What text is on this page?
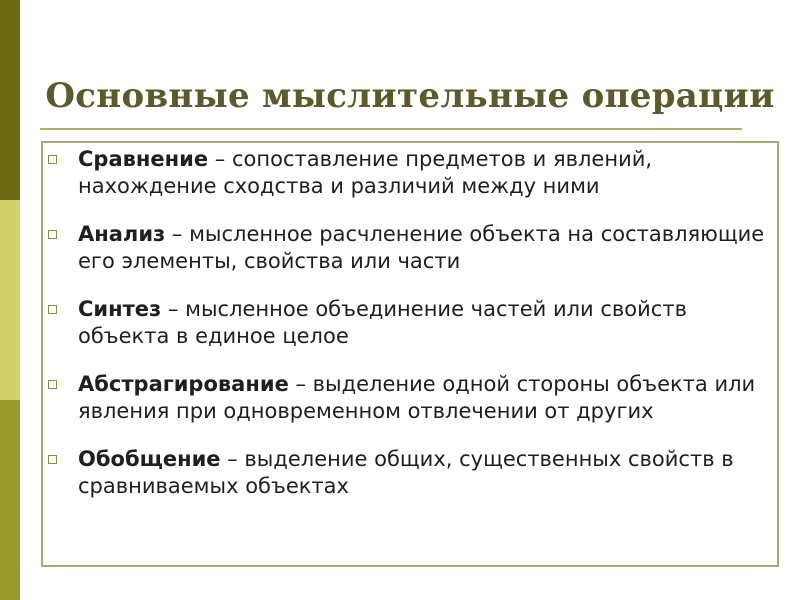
Основные мыслительные операции
Сравнение – сопоставление предметов и явлений, нахождение сходства и различий между ними
Анализ – мысленное расчленение объекта на составляющие его элементы, свойства или части
Синтез – мысленное объединение частей или свойств объекта в единое целое
Абстрагирование – выделение одной стороны объекта или явления при одновременном отвлечении от других
Обобщение – выделение общих, существенных свойств в сравниваемых объектах
